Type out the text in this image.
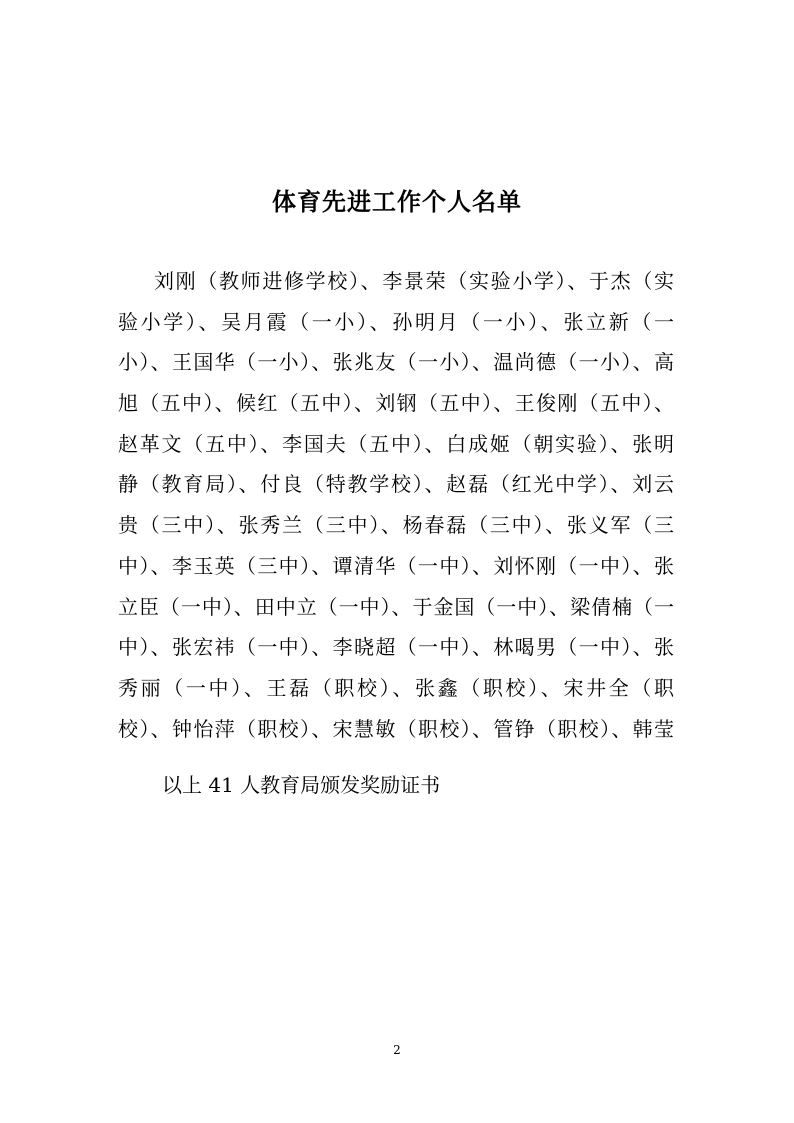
体育先进工作个人名单
刘刚（教师进修学校）、李景荣（实验小学）、于杰（实
验小学）、吴月霞（一小）、孙明月（一小）、张立新（一
小）、王国华（一小）、张兆友（一小）、温尚德（一小）、高
旭（五中）、候红（五中）、刘钢（五中）、王俊刚（五中）、
赵革文（五中）、李国夫（五中）、白成姬（朝实验）、张明
静（教育局）、付良（特教学校）、赵磊（红光中学）、刘云
贵（三中）、张秀兰（三中）、杨春磊（三中）、张义军（三
中）、李玉英（三中）、谭清华（一中）、刘怀刚（一中）、张
立臣（一中）、田中立（一中）、于金国（一中）、梁倩楠（一
中）、张宏祎（一中）、李晓超（一中）、林喝男（一中）、张
秀丽（一中）、王磊（职校）、张鑫（职校）、宋井全（职
校）、钟怡萍（职校）、宋慧敏（职校）、管铮（职校）、韩莹
以上 41 人教育局颁发奖励证书
2
